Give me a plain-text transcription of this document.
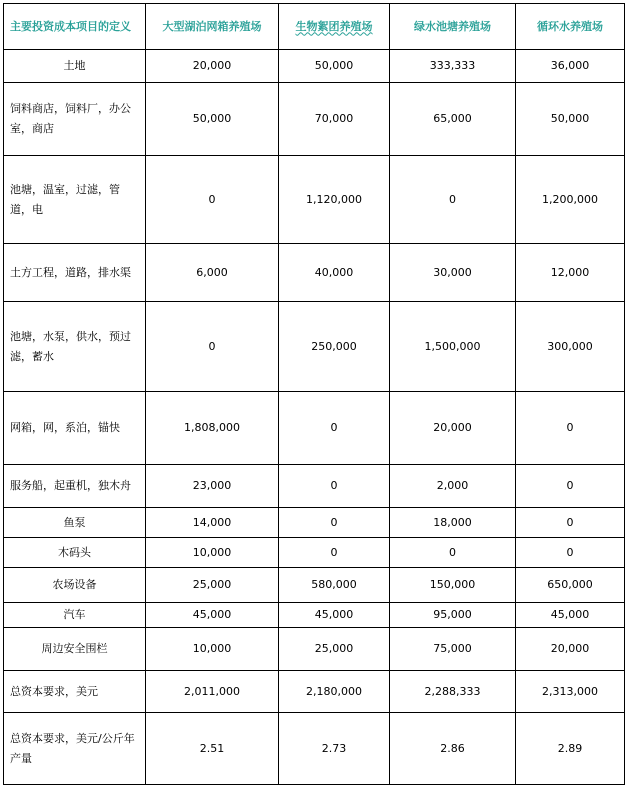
主要投资成本项目的定义	大型湖泊网箱养殖场	生物絮团养殖场	绿水池塘养殖场	循环水养殖场
土地	20,000	50,000	333,333	36,000
饲料商店，饲料厂，办公室，商店	50,000	70,000	65,000	50,000
池塘，温室，过滤，管道，电	0	1,120,000	0	1,200,000
土方工程，道路，排水渠	6,000	40,000	30,000	12,000
池塘，水泵，供水，预过滤，蓄水	0	250,000	1,500,000	300,000
网箱，网，系泊，锚快	1,808,000	0	20,000	0
服务船，起重机，独木舟	23,000	0	2,000	0
鱼泵	14,000	0	18,000	0
木码头	10,000	0	0	0
农场设备	25,000	580,000	150,000	650,000
汽车	45,000	45,000	95,000	45,000
周边安全围栏	10,000	25,000	75,000	20,000
总资本要求，美元	2,011,000	2,180,000	2,288,333	2,313,000
总资本要求，美元/公斤年产量	2.51	2.73	2.86	2.89
